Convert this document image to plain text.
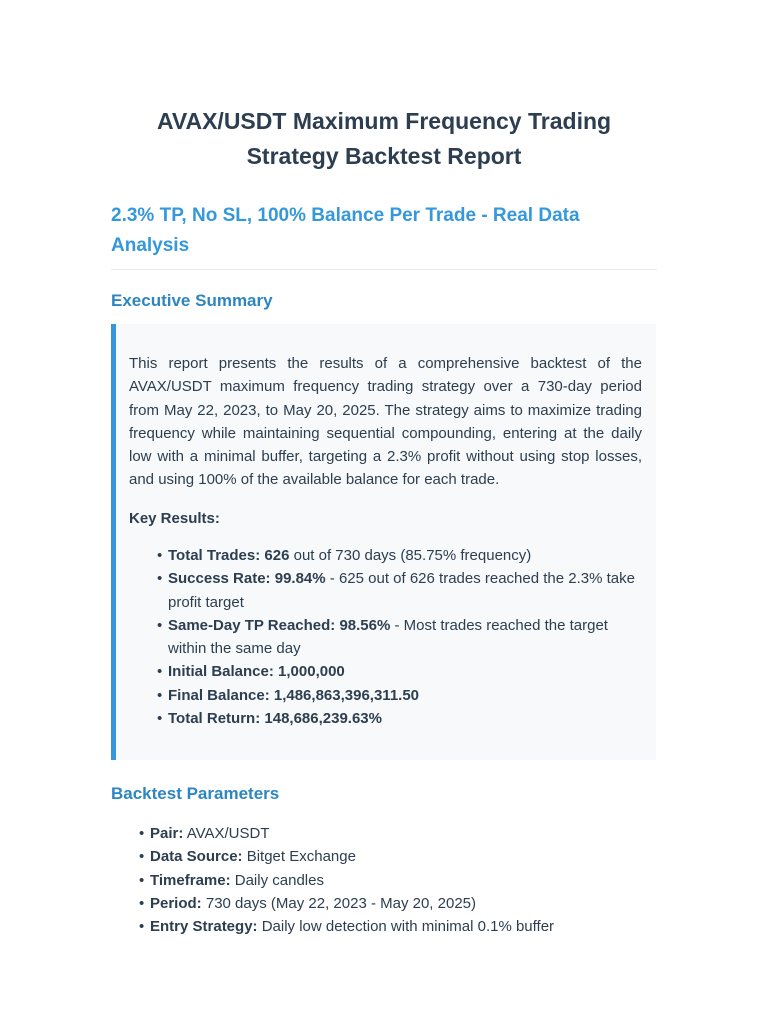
AVAX/USDT Maximum Frequency Trading Strategy Backtest Report
2.3% TP, No SL, 100% Balance Per Trade - Real Data Analysis
Executive Summary

This report presents the results of a comprehensive backtest of the AVAX/USDT maximum frequency trading strategy over a 730-day period from May 22, 2023, to May 20, 2025. The strategy aims to maximize trading frequency while maintaining sequential compounding, entering at the daily low with a minimal buffer, targeting a 2.3% profit without using stop losses, and using 100% of the available balance for each trade.

Key Results:

• Total Trades: 626 out of 730 days (85.75% frequency)
• Success Rate: 99.84% - 625 out of 626 trades reached the 2.3% take profit target
• Same-Day TP Reached: 98.56% - Most trades reached the target within the same day
• Initial Balance: 1,000,000
• Final Balance: 1,486,863,396,311.50
• Total Return: 148,686,239.63%
Backtest Parameters
• Pair: AVAX/USDT
• Data Source: Bitget Exchange
• Timeframe: Daily candles
• Period: 730 days (May 22, 2023 - May 20, 2025)
• Entry Strategy: Daily low detection with minimal 0.1% buffer
